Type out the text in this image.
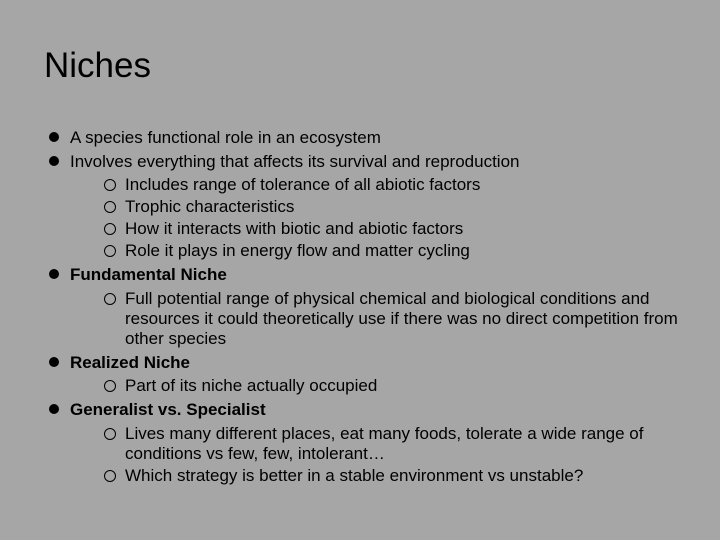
Niches
A species functional role in an ecosystem
Involves everything that affects its survival and reproduction
Includes range of tolerance of all abiotic factors
Trophic characteristics
How it interacts with biotic and abiotic factors
Role it plays in energy flow and matter cycling
Fundamental Niche
Full potential range of physical chemical and biological conditions and resources it could theoretically use if there was no direct competition from other species
Realized Niche
Part of its niche actually occupied
Generalist vs. Specialist
Lives many different places, eat many foods, tolerate a wide range of conditions vs few, few, intolerant…
Which strategy is better in a stable environment vs unstable?
